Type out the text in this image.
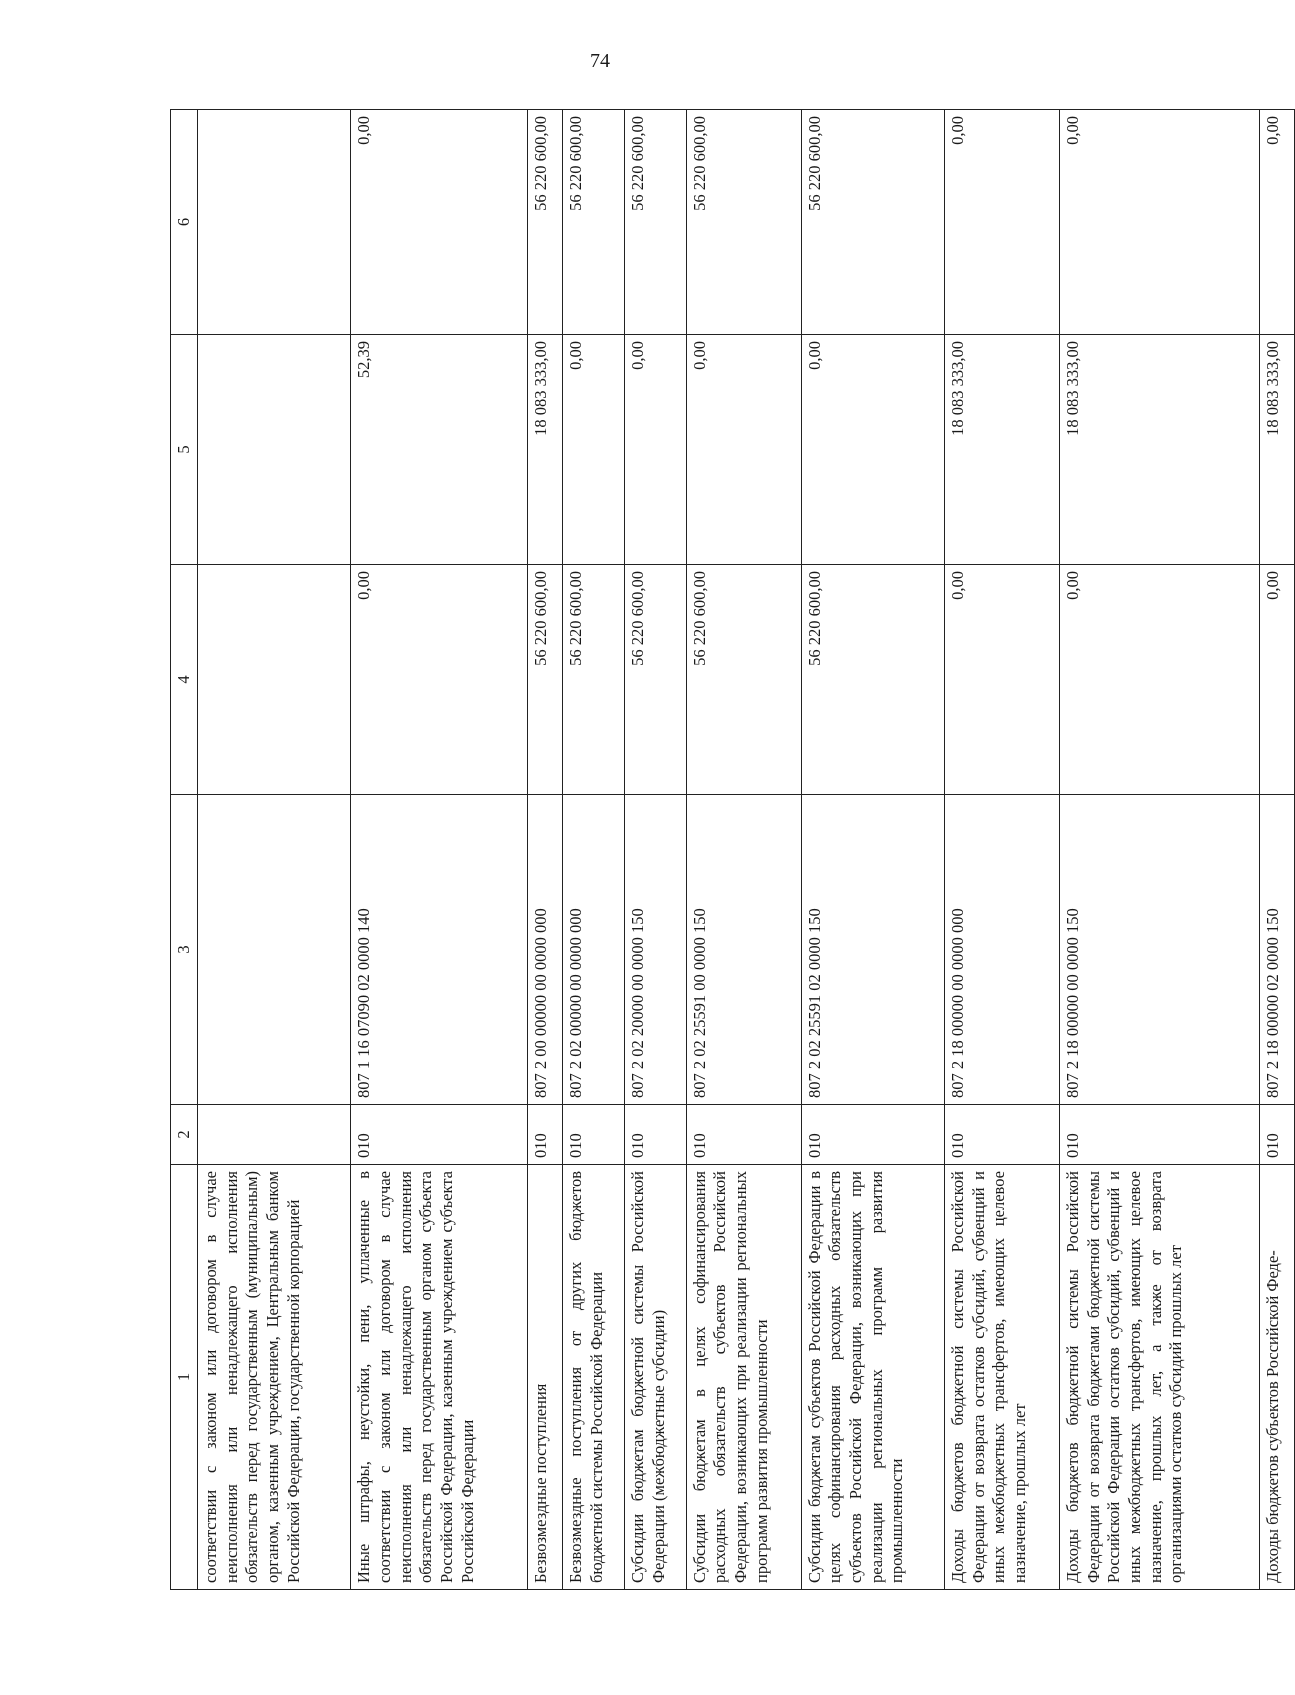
74
1	2	3	4	5	6
соответствии с законом или договором в случае неисполнения или ненадлежащего исполнения обязательств перед государственным (муниципальным) органом, казенным учреждением, Центральным банком Российской Федерации, государственной корпорацией					
Иные штрафы, неустойки, пени, уплаченные в соответствии с законом или договором в случае неисполнения или ненадлежащего исполнения обязательств перед государственным органом субъекта Российской Федерации, казенным учреждением субъекта Российской Федерации	010	807 1 16 07090 02 0000 140	0,00	52,39	0,00
Безвозмездные поступления	010	807 2 00 00000 00 0000 000	56 220 600,00	18 083 333,00	56 220 600,00
Безвозмездные поступления от других бюджетов бюджетной системы Российской Федерации	010	807 2 02 00000 00 0000 000	56 220 600,00	0,00	56 220 600,00
Субсидии бюджетам бюджетной системы Российской Федерации (межбюджетные субсидии)	010	807 2 02 20000 00 0000 150	56 220 600,00	0,00	56 220 600,00
Субсидии бюджетам в целях софинансирования расходных обязательств субъектов Российской Федерации, возникающих при реализации региональных программ развития промышленности	010	807 2 02 25591 00 0000 150	56 220 600,00	0,00	56 220 600,00
Субсидии бюджетам субъектов Российской Федерации в целях софинансирования расходных обязательств субъектов Российской Федерации, возникающих при реализации региональных программ развития промышленности	010	807 2 02 25591 02 0000 150	56 220 600,00	0,00	56 220 600,00
Доходы бюджетов бюджетной системы Российской Федерации от возврата остатков субсидий, субвенций и иных межбюджетных трансфертов, имеющих целевое назначение, прошлых лет	010	807 2 18 00000 00 0000 000	0,00	18 083 333,00	0,00
Доходы бюджетов бюджетной системы Российской Федерации от возврата бюджетами бюджетной системы Российской Федерации остатков субсидий, субвенций и иных межбюджетных трансфертов, имеющих целевое назначение, прошлых лет, а также от возврата организациями остатков субсидий прошлых лет	010	807 2 18 00000 00 0000 150	0,00	18 083 333,00	0,00
Доходы бюджетов субъектов Российской Феде-	010	807 2 18 00000 02 0000 150	0,00	18 083 333,00	0,00
